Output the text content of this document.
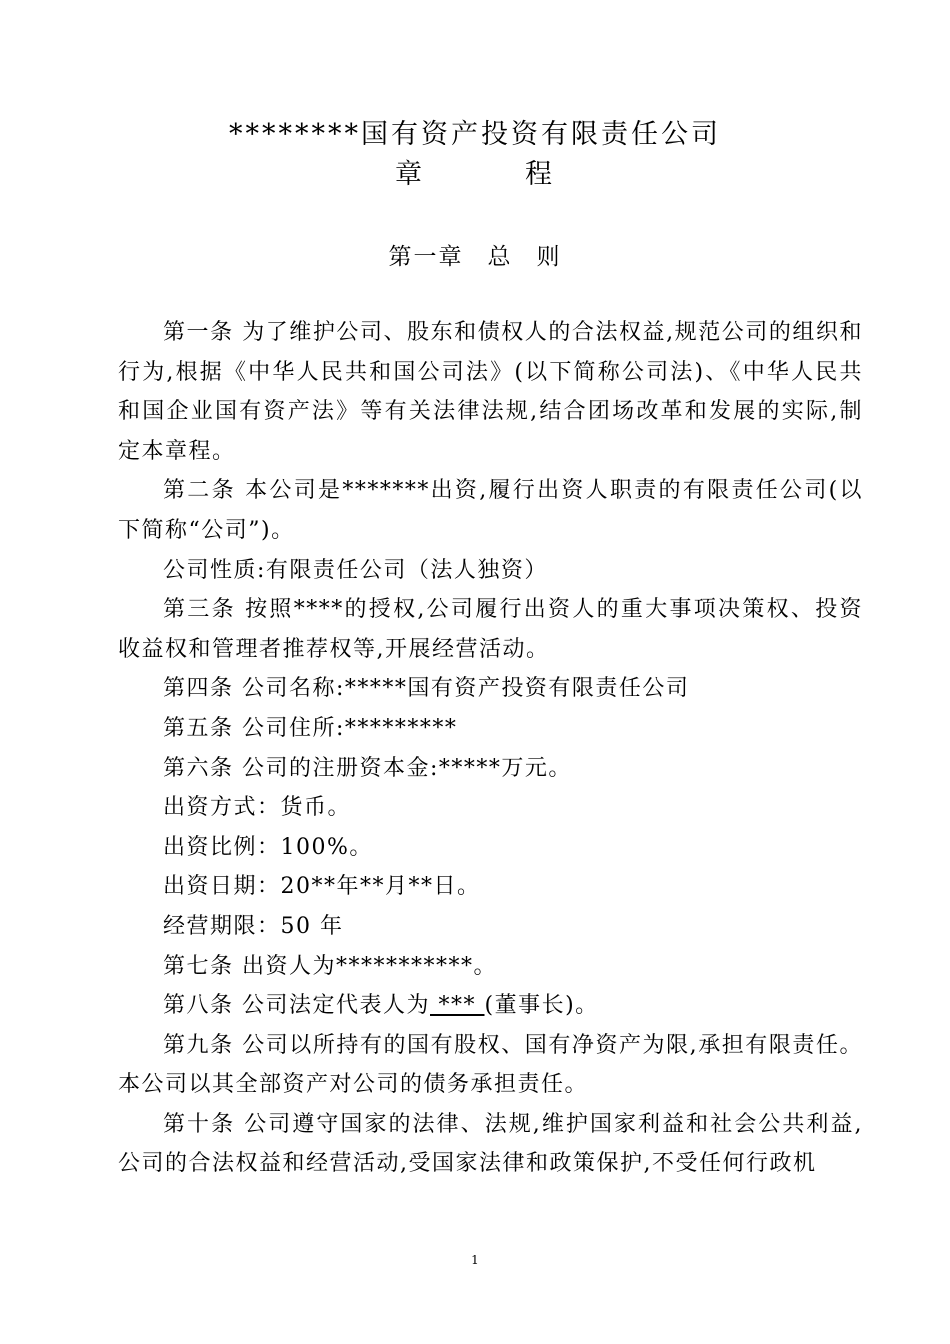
********国有资产投资有限责任公司
章	程
第一章 总 则

第一条 为了维护公司、股东和债权人的合法权益,规范公司的组织和行为,根据《中华人民共和国公司法》(以下简称公司法)、《中华人民共和国企业国有资产法》等有关法律法规,结合团场改革和发展的实际,制定本章程。

第二条 本公司是*******出资,履行出资人职责的有限责任公司(以下简称“公司”)。

公司性质:有限责任公司（法人独资）

第三条 按照****的授权,公司履行出资人的重大事项决策权、投资收益权和管理者推荐权等,开展经营活动。

第四条 公司名称:*****国有资产投资有限责任公司

第五条 公司住所:*********

第六条 公司的注册资本金:*****万元。

出资方式：货币。

出资比例：100%。

出资日期：20**年**月**日。

经营期限：50 年

第七条 出资人为***********。

第八条 公司法定代表人为 *** (董事长)。

第九条 公司以所持有的国有股权、国有净资产为限,承担有限责任。本公司以其全部资产对公司的债务承担责任。

第十条 公司遵守国家的法律、法规,维护国家利益和社会公共利益,公司的合法权益和经营活动,受国家法律和政策保护,不受任何行政机

1
